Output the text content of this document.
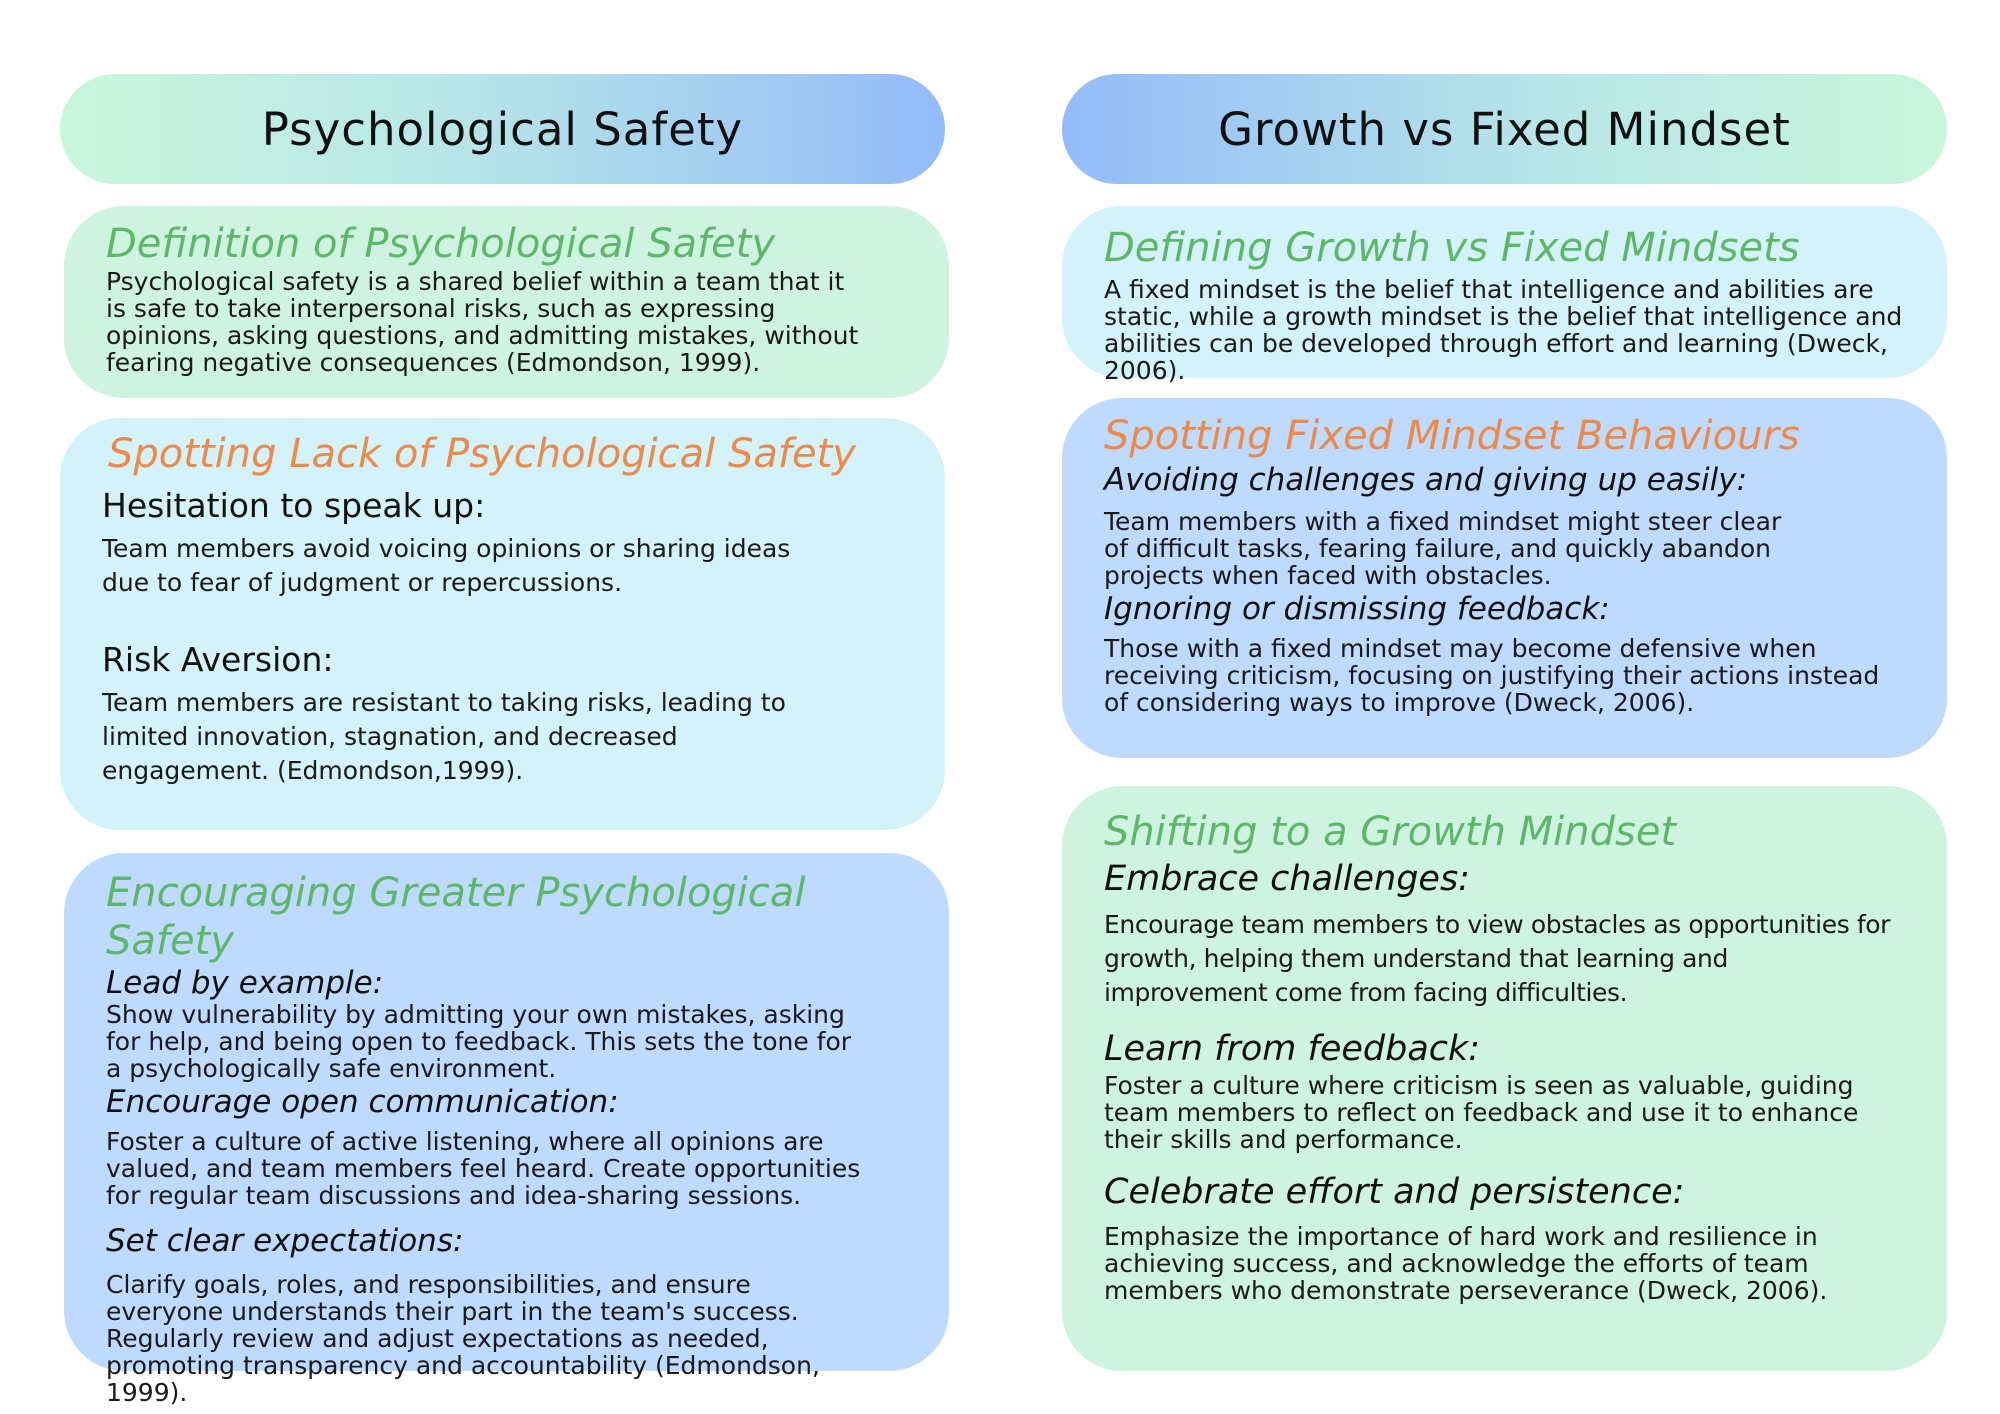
Psychological Safety	Growth vs Fixed Mindset
Definition of Psychological Safety

Psychological safety is a shared belief within a team that it is safe to take interpersonal risks, such as expressing opinions, asking questions, and admitting mistakes, without fearing negative consequences (Edmondson, 1999).

Spotting Lack of Psychological Safety

Hesitation to speak up:

Team members avoid voicing opinions or sharing ideas due to fear of judgment or repercussions.

Risk Aversion:

Team members are resistant to taking risks, leading to limited innovation, stagnation, and decreased engagement. (Edmondson,1999).

Encouraging Greater Psychological Safety

Lead by example:

Show vulnerability by admitting your own mistakes, asking for help, and being open to feedback. This sets the tone for a psychologically safe environment.

Encourage open communication:

Foster a culture of active listening, where all opinions are valued, and team members feel heard. Create opportunities for regular team discussions and idea-sharing sessions.

Set clear expectations:

Clarify goals, roles, and responsibilities, and ensure everyone understands their part in the team's success. Regularly review and adjust expectations as needed, promoting transparency and accountability (Edmondson, 1999).

Defining Growth vs Fixed Mindsets

A fixed mindset is the belief that intelligence and abilities are static, while a growth mindset is the belief that intelligence and abilities can be developed through effort and learning (Dweck, 2006).

Spotting Fixed Mindset Behaviours

Avoiding challenges and giving up easily:

Team members with a fixed mindset might steer clear of difficult tasks, fearing failure, and quickly abandon projects when faced with obstacles.

Ignoring or dismissing feedback:

Those with a fixed mindset may become defensive when receiving criticism, focusing on justifying their actions instead of considering ways to improve (Dweck, 2006).

Shifting to a Growth Mindset

Embrace challenges:

Encourage team members to view obstacles as opportunities for growth, helping them understand that learning and improvement come from facing difficulties.

Learn from feedback:

Foster a culture where criticism is seen as valuable, guiding team members to reflect on feedback and use it to enhance their skills and performance.

Celebrate effort and persistence:

Emphasize the importance of hard work and resilience in achieving success, and acknowledge the efforts of team members who demonstrate perseverance (Dweck, 2006).
